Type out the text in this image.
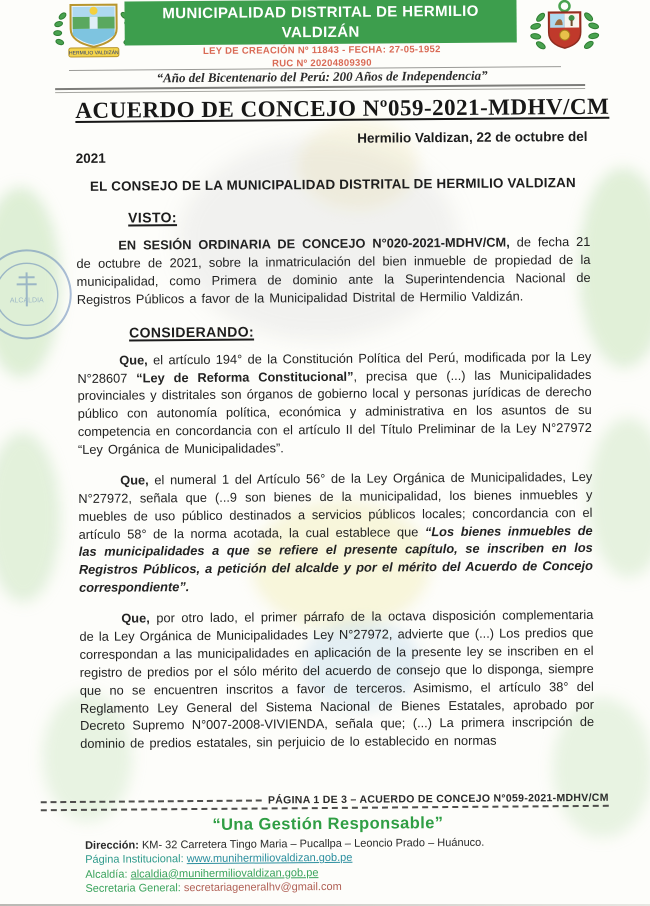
HERMILIO VALDIZÁN
MUNICIPALIDAD DISTRITAL DE HERMILIO VALDIZÁN
LEY DE CREACIÓN Nº 11843 - FECHA: 27-05-1952
RUC Nº 20204809390
“Año del Bicentenario del Perú: 200 Años de Independencia”
ALCALDIA
ACUERDO DE CONCEJO Nº059-2021-MDHV/CM
Hermilio Valdizan, 22 de octubre del
2021
EL CONSEJO DE LA MUNICIPALIDAD DISTRITAL DE HERMILIO VALDIZAN
VISTO:

EN SESIÓN ORDINARIA DE CONCEJO N°020-2021-MDHV/CM, de fecha 21 de octubre de 2021, sobre la inmatriculación del bien inmueble de propiedad de la municipalidad, como Primera de dominio ante la Superintendencia Nacional de Registros Públicos a favor de la Municipalidad Distrital de Hermilio Valdizán.

CONSIDERANDO:

Que, el artículo 194° de la Constitución Política del Perú, modificada por la Ley N°28607 “Ley de Reforma Constitucional”, precisa que (...) las Municipalidades provinciales y distritales son órganos de gobierno local y personas jurídicas de derecho público con autonomía política, económica y administrativa en los asuntos de su competencia en concordancia con el artículo II del Título Preliminar de la Ley N°27972 “Ley Orgánica de Municipalidades”.

Que, el numeral 1 del Artículo 56° de la Ley Orgánica de Municipalidades, Ley N°27972, señala que (...9 son bienes de la municipalidad, los bienes inmuebles y muebles de uso público destinados a servicios públicos locales; concordancia con el artículo 58° de la norma acotada, la cual establece que “Los bienes inmuebles de las municipalidades a que se refiere el presente capítulo, se inscriben en los Registros Públicos, a petición del alcalde y por el mérito del Acuerdo de Concejo correspondiente”.

Que, por otro lado, el primer párrafo de la octava disposición complementaria de la Ley Orgánica de Municipalidades Ley N°27972, advierte que (...) Los predios que correspondan a las municipalidades en aplicación de la presente ley se inscriben en el registro de predios por el sólo mérito del acuerdo de consejo que lo disponga, siempre que no se encuentren inscritos a favor de terceros. Asimismo, el artículo 38° del Reglamento Ley General del Sistema Nacional de Bienes Estatales, aprobado por Decreto Supremo N°007-2008-VIVIENDA, señala que; (...) La primera inscripción de dominio de predios estatales, sin perjuicio de lo establecido en normas

PÁGINA 1 DE 3 – ACUERDO DE CONCEJO N°059-2021-MDHV/CM
“Una Gestión Responsable”
Dirección: KM- 32 Carretera Tingo Maria – Pucallpa – Leoncio Prado – Huánuco.
Página Institucional: www.munihermiliovaldizan.gob.pe
Alcaldía: alcaldia@munihermiliovaldizan.gob.pe
Secretaria General: secretariageneralhv@gmail.com
